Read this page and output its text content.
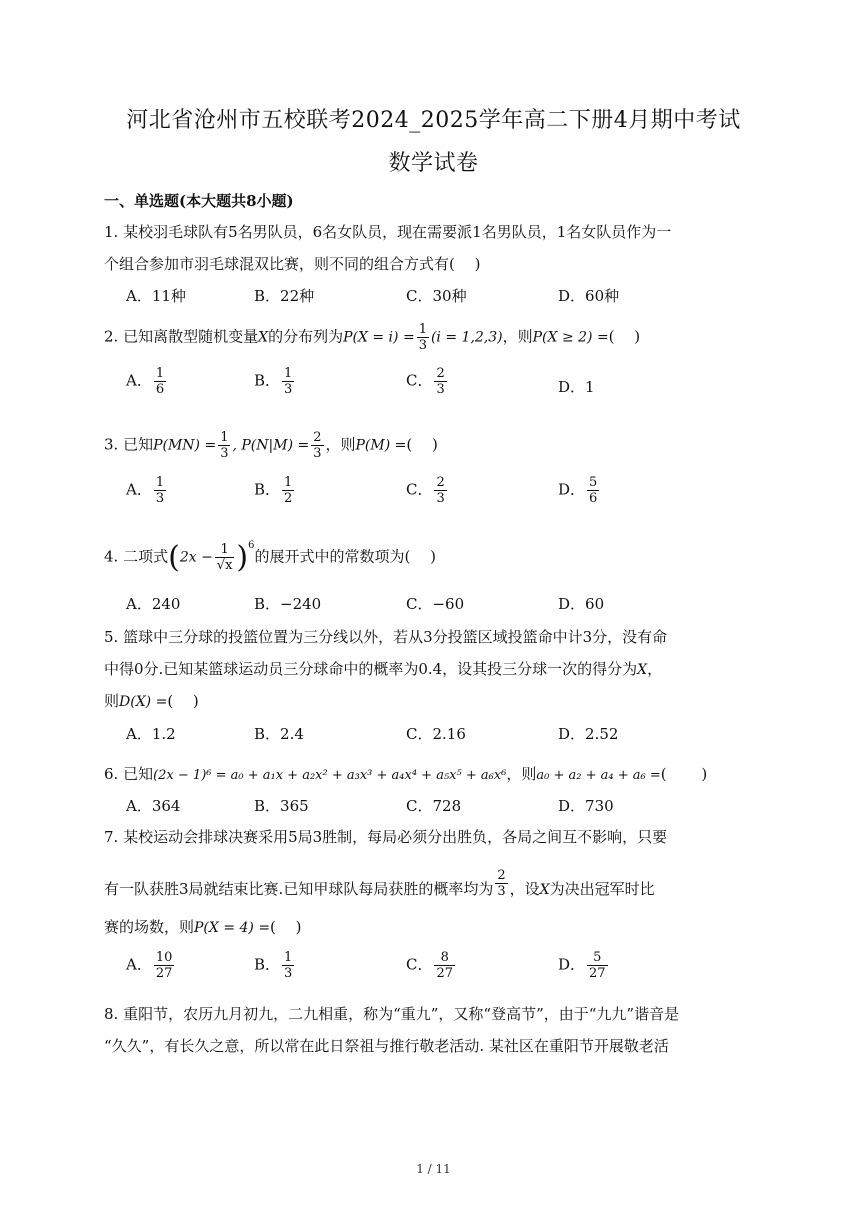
河北省沧州市五校联考2024_2025学年高二下册4月期中考试
数学试卷
一、单选题(本大题共8小题)
1. 某校羽毛球队有5名男队员，6名女队员，现在需要派1名男队员，1名女队员作为一
个组合参加市羽毛球混双比赛，则不同的组合方式有(　 )
A．11种	B．22种	C．30种	D．60种
2. 已知离散型随机变量X的分布列为$P(X = i) = \frac{1}{3} (i = 1,2,3)$，则P(X ≥ 2) =(　 )
A． $\frac{1}{6}$	B． $\frac{1}{3}$	C． $\frac{2}{3}$	D．1
3. 已知$P(MN) = \frac{1}{3}$ , $P(N|M) = \frac{2}{3}$ ，则P(M) =(　 )
A． $\frac{1}{3}$	B． $\frac{1}{2}$	C． $\frac{2}{3}$	D． $\frac{5}{6}$
4. 二项式$(2x - \frac{1}{√x} )^6$的展开式中的常数项为(　 )
A．240	B．−240	C．−60	D．60
5. 篮球中三分球的投篮位置为三分线以外，若从3分投篮区域投篮命中计3分，没有命
中得0分.已知某篮球运动员三分球命中的概率为0.4，设其投三分球一次的得分为X，
则D(X) =(　 )
A．1.2	B．2.4	C．2.16	D．2.52
6. 已知(2x − 1)⁶ = a₀ + a₁x + a₂x² + a₃x³ + a₄x⁴ + a₅x⁵ + a₆x⁶，则a₀ + a₂ + a₄ + a₆ =(　　 )
A．364	B．365	C．728	D．730
7. 某校运动会排球决赛采用5局3胜制，每局必须分出胜负，各局之间互不影响，只要
有一队获胜3局就结束比赛.已知甲球队每局获胜的概率均为 $\frac{2}{3}$ ，设X为决出冠军时比
赛的场数，则P(X = 4) =(　 )
A． $\frac{10}{27}$	B． $\frac{1}{3}$	C． $\frac{8}{27}$	D． $\frac{5}{27}$
8. 重阳节，农历九月初九，二九相重，称为“重九”，又称“登高节”，由于“九九”谐音是
“久久”，有长久之意，所以常在此日祭祖与推行敬老活动. 某社区在重阳节开展敬老活
1 / 11
